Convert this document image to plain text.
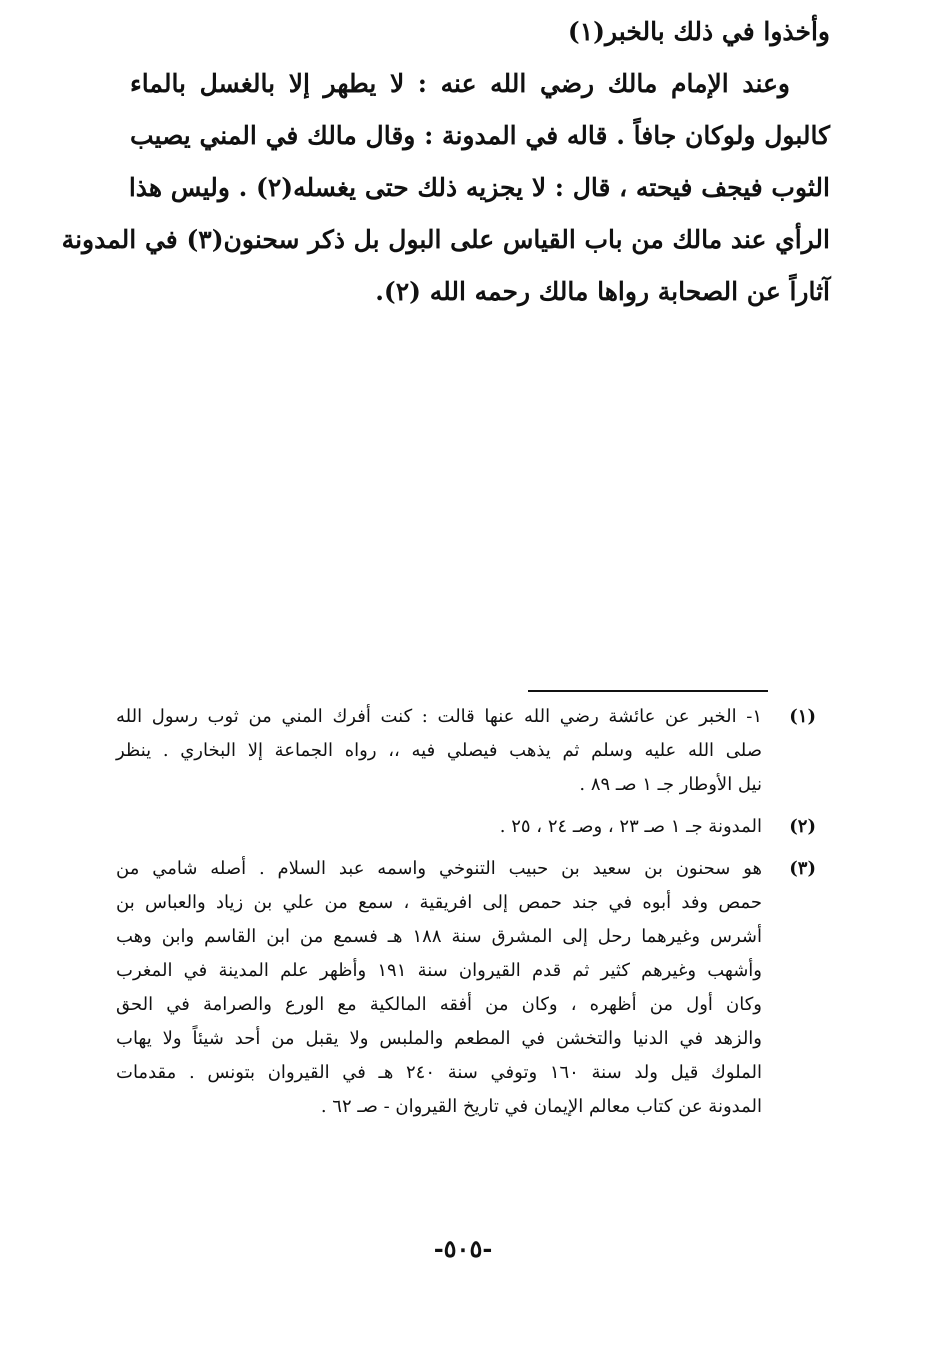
وأخذوا في ذلك بالخبر(١)
وعند الإمام مالك رضي الله عنه : لا يطهر إلا بالغسل بالماء
كالبول ولوكان جافاً . قاله في المدونة : وقال مالك في المني يصيب
الثوب فيجف فيحته ، قال : لا يجزيه ذلك حتى يغسله(٢) . وليس هذا
الرأي عند مالك من باب القياس على البول بل ذكر سحنون(٣) في المدونة
آثاراً عن الصحابة رواها مالك رحمه الله (٢).
(١)
١- الخبر عن عائشة رضي الله عنها قالت : كنت أفرك المني من ثوب رسول الله
صلى الله عليه وسلم ثم يذهب فيصلي فيه ،، رواه الجماعة إلا البخاري . ينظر
نيل الأوطار جـ ١ صـ ٨٩ .
(٢)
المدونة جـ ١ صـ ٢٣ ، وصـ ٢٤ ، ٢٥ .
(٣)
هو سحنون بن سعيد بن حبيب التنوخي واسمه عبد السلام . أصله شامي من
حمص وفد أبوه في جند حمص إلى افريقية ، سمع من علي بن زياد والعباس بن
أشرس وغيرهما رحل إلى المشرق سنة ١٨٨ هـ فسمع من ابن القاسم وابن وهب
وأشهب وغيرهم كثير ثم قدم القيروان سنة ١٩١ وأظهر علم المدينة في المغرب
وكان أول من أظهره ، وكان من أفقه المالكية مع الورع والصرامة في الحق
والزهد في الدنيا والتخشن في المطعم والملبس ولا يقبل من أحد شيئاً ولا يهاب
الملوك قيل ولد سنة ١٦٠ وتوفي سنة ٢٤٠ هـ في القيروان بتونس . مقدمات
المدونة عن كتاب معالم الإيمان في تاريخ القيروان - صـ ٦٢ .
-٥٠٥-
